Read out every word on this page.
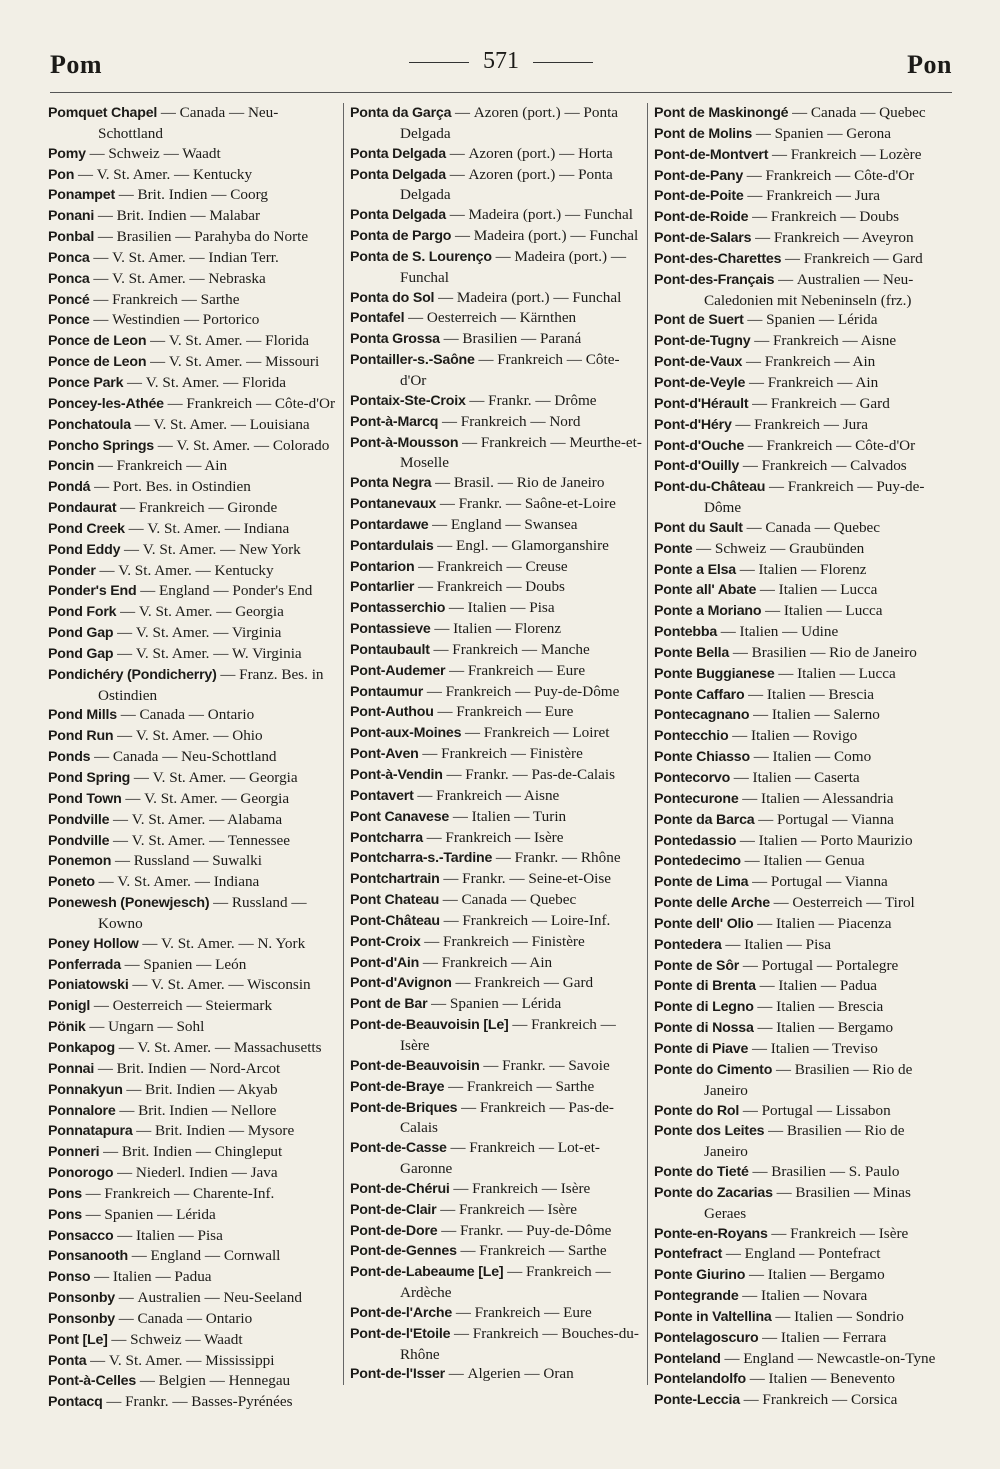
Pom	571	Pon
Pomquet Chapel — Canada — Neu-Schottland
Pomy — Schweiz — Waadt
Pon — V. St. Amer. — Kentucky
Ponampet — Brit. Indien — Coorg
Ponani — Brit. Indien — Malabar
Ponbal — Brasilien — Parahyba do Norte
Ponca — V. St. Amer. — Indian Terr.
Ponca — V. St. Amer. — Nebraska
Poncé — Frankreich — Sarthe
Ponce — Westindien — Portorico
Ponce de Leon — V. St. Amer. — Florida
Ponce de Leon — V. St. Amer. — Missouri
Ponce Park — V. St. Amer. — Florida
Poncey-les-Athée — Frankreich — Côte-d'Or
Ponchatoula — V. St. Amer. — Louisiana
Poncho Springs — V. St. Amer. — Colorado
Poncin — Frankreich — Ain
Pondá — Port. Bes. in Ostindien
Pondaurat — Frankreich — Gironde
Pond Creek — V. St. Amer. — Indiana
Pond Eddy — V. St. Amer. — New York
Ponder — V. St. Amer. — Kentucky
Ponder's End — England — Ponder's End
Pond Fork — V. St. Amer. — Georgia
Pond Gap — V. St. Amer. — Virginia
Pond Gap — V. St. Amer. — W. Virginia
Pondichéry (Pondicherry) — Franz. Bes. in Ostindien
Pond Mills — Canada — Ontario
Pond Run — V. St. Amer. — Ohio
Ponds — Canada — Neu-Schottland
Pond Spring — V. St. Amer. — Georgia
Pond Town — V. St. Amer. — Georgia
Pondville — V. St. Amer. — Alabama
Pondville — V. St. Amer. — Tennessee
Ponemon — Russland — Suwalki
Poneto — V. St. Amer. — Indiana
Ponewesh (Ponewjesch) — Russland — Kowno
Poney Hollow — V. St. Amer. — N. York
Ponferrada — Spanien — León
Poniatowski — V. St. Amer. — Wisconsin
Ponigl — Oesterreich — Steiermark
Pönik — Ungarn — Sohl
Ponkapog — V. St. Amer. — Massachusetts
Ponnai — Brit. Indien — Nord-Arcot
Ponnakyun — Brit. Indien — Akyab
Ponnalore — Brit. Indien — Nellore
Ponnatapura — Brit. Indien — Mysore
Ponneri — Brit. Indien — Chingleput
Ponorogo — Niederl. Indien — Java
Pons — Frankreich — Charente-Inf.
Pons — Spanien — Lérida
Ponsacco — Italien — Pisa
Ponsanooth — England — Cornwall
Ponso — Italien — Padua
Ponsonby — Australien — Neu-Seeland
Ponsonby — Canada — Ontario
Pont [Le] — Schweiz — Waadt
Ponta — V. St. Amer. — Mississippi
Pont-à-Celles — Belgien — Hennegau
Pontacq — Frankr. — Basses-Pyrénées
Ponta da Garça — Azoren (port.) — Ponta Delgada
Ponta Delgada — Azoren (port.) — Horta
Ponta Delgada — Azoren (port.) — Ponta Delgada
Ponta Delgada — Madeira (port.) — Funchal
Ponta de Pargo — Madeira (port.) — Funchal
Ponta de S. Lourenço — Madeira (port.) — Funchal
Ponta do Sol — Madeira (port.) — Funchal
Pontafel — Oesterreich — Kärnthen
Ponta Grossa — Brasilien — Paraná
Pontailler-s.-Saône — Frankreich — Côte-d'Or
Pontaix-Ste-Croix — Frankr. — Drôme
Pont-à-Marcq — Frankreich — Nord
Pont-à-Mousson — Frankreich — Meurthe-et-Moselle
Ponta Negra — Brasil. — Rio de Janeiro
Pontanevaux — Frankr. — Saône-et-Loire
Pontardawe — England — Swansea
Pontardulais — Engl. — Glamorganshire
Pontarion — Frankreich — Creuse
Pontarlier — Frankreich — Doubs
Pontasserchio — Italien — Pisa
Pontassieve — Italien — Florenz
Pontaubault — Frankreich — Manche
Pont-Audemer — Frankreich — Eure
Pontaumur — Frankreich — Puy-de-Dôme
Pont-Authou — Frankreich — Eure
Pont-aux-Moines — Frankreich — Loiret
Pont-Aven — Frankreich — Finistère
Pont-à-Vendin — Frankr. — Pas-de-Calais
Pontavert — Frankreich — Aisne
Pont Canavese — Italien — Turin
Pontcharra — Frankreich — Isère
Pontcharra-s.-Tardine — Frankr. — Rhône
Pontchartrain — Frankr. — Seine-et-Oise
Pont Chateau — Canada — Quebec
Pont-Château — Frankreich — Loire-Inf.
Pont-Croix — Frankreich — Finistère
Pont-d'Ain — Frankreich — Ain
Pont-d'Avignon — Frankreich — Gard
Pont de Bar — Spanien — Lérida
Pont-de-Beauvoisin [Le] — Frankreich — Isère
Pont-de-Beauvoisin — Frankr. — Savoie
Pont-de-Braye — Frankreich — Sarthe
Pont-de-Briques — Frankreich — Pas-de-Calais
Pont-de-Casse — Frankreich — Lot-et-Garonne
Pont-de-Chérui — Frankreich — Isère
Pont-de-Clair — Frankreich — Isère
Pont-de-Dore — Frankr. — Puy-de-Dôme
Pont-de-Gennes — Frankreich — Sarthe
Pont-de-Labeaume [Le] — Frankreich — Ardèche
Pont-de-l'Arche — Frankreich — Eure
Pont-de-l'Etoile — Frankreich — Bouches-du-Rhône
Pont-de-l'Isser — Algerien — Oran
Pont de Maskinongé — Canada — Quebec
Pont de Molins — Spanien — Gerona
Pont-de-Montvert — Frankreich — Lozère
Pont-de-Pany — Frankreich — Côte-d'Or
Pont-de-Poite — Frankreich — Jura
Pont-de-Roide — Frankreich — Doubs
Pont-de-Salars — Frankreich — Aveyron
Pont-des-Charettes — Frankreich — Gard
Pont-des-Français — Australien — Neu-Caledonien mit Nebeninseln (frz.)
Pont de Suert — Spanien — Lérida
Pont-de-Tugny — Frankreich — Aisne
Pont-de-Vaux — Frankreich — Ain
Pont-de-Veyle — Frankreich — Ain
Pont-d'Hérault — Frankreich — Gard
Pont-d'Héry — Frankreich — Jura
Pont-d'Ouche — Frankreich — Côte-d'Or
Pont-d'Ouilly — Frankreich — Calvados
Pont-du-Château — Frankreich — Puy-de-Dôme
Pont du Sault — Canada — Quebec
Ponte — Schweiz — Graubünden
Ponte a Elsa — Italien — Florenz
Ponte all' Abate — Italien — Lucca
Ponte a Moriano — Italien — Lucca
Pontebba — Italien — Udine
Ponte Bella — Brasilien — Rio de Janeiro
Ponte Buggianese — Italien — Lucca
Ponte Caffaro — Italien — Brescia
Pontecagnano — Italien — Salerno
Pontecchio — Italien — Rovigo
Ponte Chiasso — Italien — Como
Pontecorvo — Italien — Caserta
Pontecurone — Italien — Alessandria
Ponte da Barca — Portugal — Vianna
Pontedassio — Italien — Porto Maurizio
Pontedecimo — Italien — Genua
Ponte de Lima — Portugal — Vianna
Ponte delle Arche — Oesterreich — Tirol
Ponte dell' Olio — Italien — Piacenza
Pontedera — Italien — Pisa
Ponte de Sôr — Portugal — Portalegre
Ponte di Brenta — Italien — Padua
Ponte di Legno — Italien — Brescia
Ponte di Nossa — Italien — Bergamo
Ponte di Piave — Italien — Treviso
Ponte do Cimento — Brasilien — Rio de Janeiro
Ponte do Rol — Portugal — Lissabon
Ponte dos Leites — Brasilien — Rio de Janeiro
Ponte do Tieté — Brasilien — S. Paulo
Ponte do Zacarias — Brasilien — Minas Geraes
Ponte-en-Royans — Frankreich — Isère
Pontefract — England — Pontefract
Ponte Giurino — Italien — Bergamo
Pontegrande — Italien — Novara
Ponte in Valtellina — Italien — Sondrio
Pontelagoscuro — Italien — Ferrara
Ponteland — England — Newcastle-on-Tyne
Pontelandolfo — Italien — Benevento
Ponte-Leccia — Frankreich — Corsica
